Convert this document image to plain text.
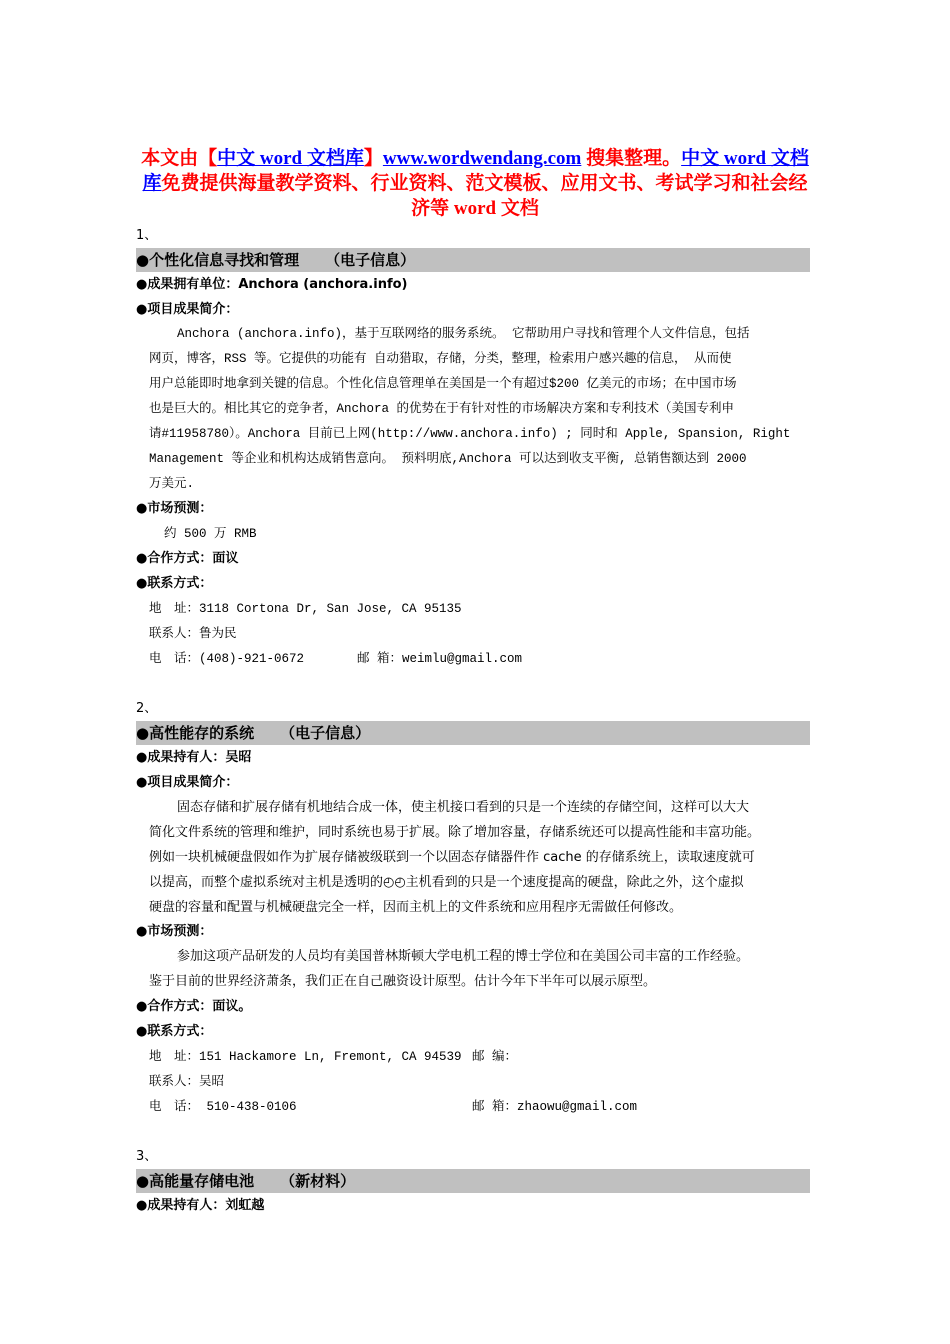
本文由【中文 word 文档库】www.wordwendang.com 搜集整理。中文 word 文档库免费提供海量教学资料、行业资料、范文模板、应用文书、考试学习和社会经济等 word 文档
1、
●个性化信息寻找和管理 （电子信息）
●成果拥有单位：Anchora (anchora.info)
●项目成果简介：

Anchora (anchora.info)，基于互联网络的服务系统。 它帮助用户寻找和管理个人文件信息，包括

网页，博客，RSS 等。它提供的功能有 自动猎取，存储，分类，整理，检索用户感兴趣的信息， 从而使

用户总能即时地拿到关键的信息。个性化信息管理单在美国是一个有超过$200 亿美元的市场；在中国市场

也是巨大的。相比其它的竞争者，Anchora 的优势在于有针对性的市场解决方案和专利技术（美国专利申

请#11958780）。Anchora 目前已上网(http://www.anchora.info) ; 同时和 Apple, Spansion, Right

Management 等企业和机构达成销售意向。 预料明底,Anchora 可以达到收支平衡, 总销售额达到 2000

万美元.

●市场预测：
约 500 万 RMB
●合作方式：面议
●联系方式：
地　址：3118 Cortona Dr, San Jose, CA 95135
联系人：鲁为民
电　话：(408)-921-0672	邮 箱：weimlu@gmail.com
2、
●高性能存的系统 （电子信息）
●成果持有人：吴昭
●项目成果简介：

固态存储和扩展存储有机地结合成一体，使主机接口看到的只是一个连续的存储空间，这样可以大大

简化文件系统的管理和维护，同时系统也易于扩展。除了增加容量，存储系统还可以提高性能和丰富功能。

例如一块机械硬盘假如作为扩展存储被级联到一个以固态存储器件作 cache 的存储系统上，读取速度就可

以提高，而整个虚拟系统对主机是透明的◴◴主机看到的只是一个速度提高的硬盘，除此之外，这个虚拟

硬盘的容量和配置与机械硬盘完全一样，因而主机上的文件系统和应用程序无需做任何修改。

●市场预测：

参加这项产品研发的人员均有美国普林斯顿大学电机工程的博士学位和在美国公司丰富的工作经验。

鉴于目前的世界经济萧条，我们正在自己融资设计原型。估计今年下半年可以展示原型。

●合作方式：面议。
●联系方式：
地　址：151 Hackamore Ln, Fremont, CA 94539 邮 编：
电　话： 510-438-0106
联系人：吴昭
邮 箱：zhaowu@gmail.com
3、
●高能量存储电池 （新材料）
●成果持有人：刘虹越
